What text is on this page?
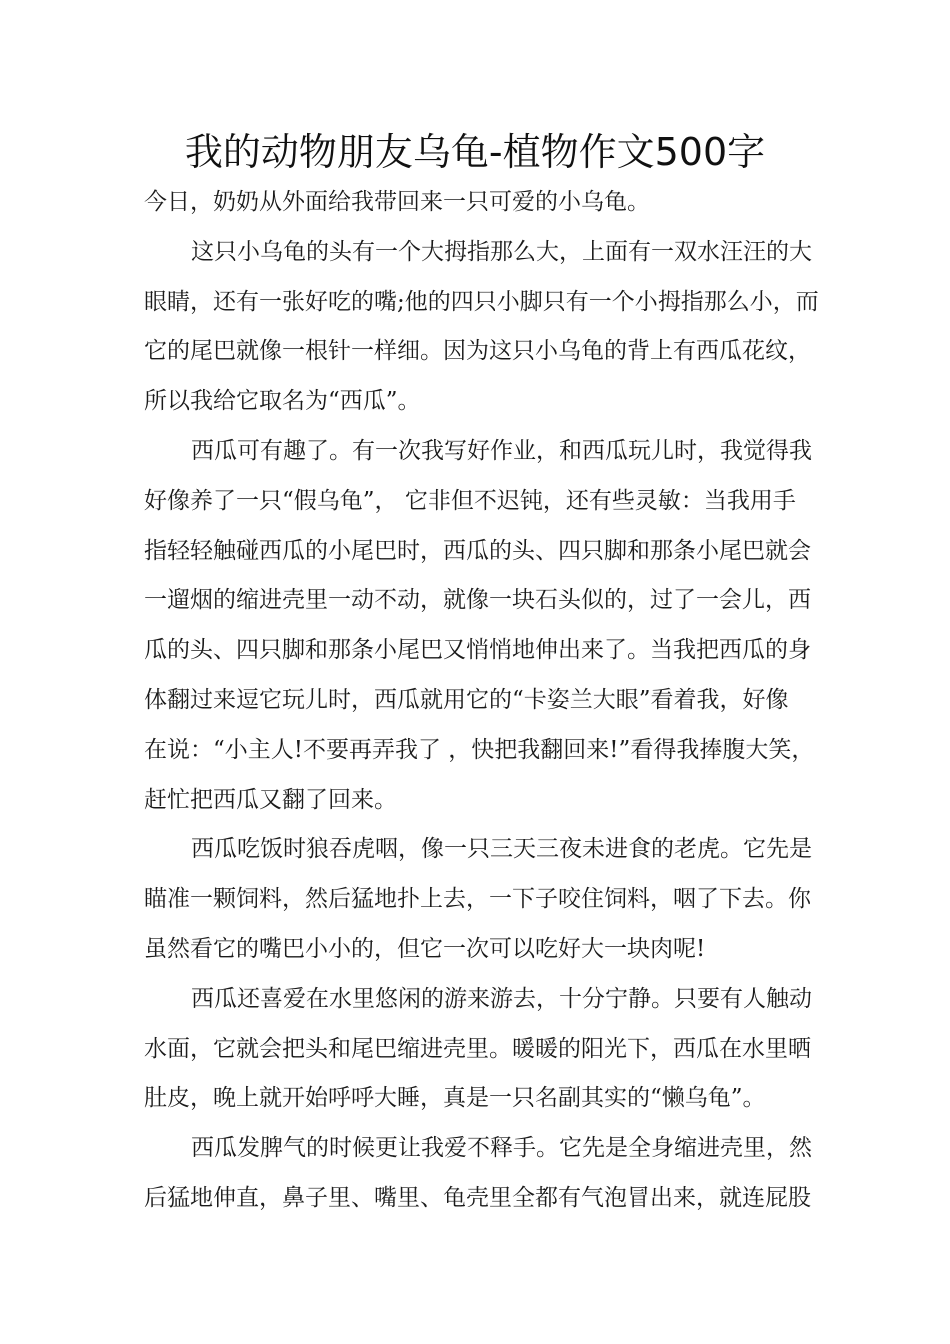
我的动物朋友乌龟-植物作文500字
今日，奶奶从外面给我带回来一只可爱的小乌龟。
这只小乌龟的头有一个大拇指那么大，上面有一双水汪汪的大
眼睛，还有一张好吃的嘴;他的四只小脚只有一个小拇指那么小，而
它的尾巴就像一根针一样细。因为这只小乌龟的背上有西瓜花纹，
所以我给它取名为“西瓜”。
西瓜可有趣了。有一次我写好作业，和西瓜玩儿时，我觉得我
好像养了一只“假乌龟”， 它非但不迟钝，还有些灵敏：当我用手
指轻轻触碰西瓜的小尾巴时，西瓜的头、四只脚和那条小尾巴就会
一遛烟的缩进壳里一动不动，就像一块石头似的，过了一会儿，西
瓜的头、四只脚和那条小尾巴又悄悄地伸出来了。当我把西瓜的身
体翻过来逗它玩儿时，西瓜就用它的“卡姿兰大眼”看着我，好像
在说：“小主人!不要再弄我了 ，快把我翻回来!”看得我捧腹大笑，
赶忙把西瓜又翻了回来。
西瓜吃饭时狼吞虎咽，像一只三天三夜未进食的老虎。它先是
瞄准一颗饲料，然后猛地扑上去，一下子咬住饲料，咽了下去。你
虽然看它的嘴巴小小的，但它一次可以吃好大一块肉呢!
西瓜还喜爱在水里悠闲的游来游去，十分宁静。只要有人触动
水面，它就会把头和尾巴缩进壳里。暖暖的阳光下，西瓜在水里晒
肚皮，晚上就开始呼呼大睡，真是一只名副其实的“懒乌龟”。
西瓜发脾气的时候更让我爱不释手。它先是全身缩进壳里，然
后猛地伸直，鼻子里、嘴里、龟壳里全都有气泡冒出来，就连屁股
